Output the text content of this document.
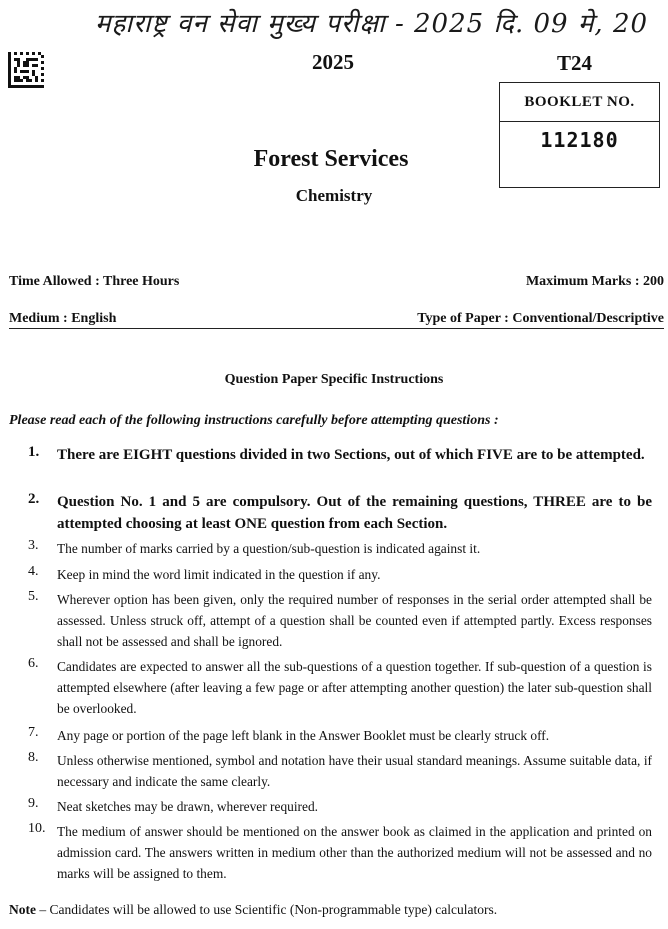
महाराष्ट्र वन सेवा मुख्य परीक्षा - 2025 दि. 09 मे, 20
2025	T24
BOOKLET NO.
112180
Forest Services
Chemistry
Time Allowed : Three Hours	Maximum Marks : 200
Medium : English	Type of Paper : Conventional/Descriptive
Question Paper Specific Instructions
Please read each of the following instructions carefully before attempting questions :
1.	There are EIGHT questions divided in two Sections, out of which FIVE are to be attempted.
2.	Question No. 1 and 5 are compulsory. Out of the remaining questions, THREE are to be attempted choosing at least ONE question from each Section.
3.	The number of marks carried by a question/sub-question is indicated against it.
4.	Keep in mind the word limit indicated in the question if any.
5.	Wherever option has been given, only the required number of responses in the serial order attempted shall be assessed. Unless struck off, attempt of a question shall be counted even if attempted partly. Excess responses shall not be assessed and shall be ignored.
6.	Candidates are expected to answer all the sub-questions of a question together. If sub-question of a question is attempted elsewhere (after leaving a few page or after attempting another question) the later sub-question shall be overlooked.
7.	Any page or portion of the page left blank in the Answer Booklet must be clearly struck off.
8.	Unless otherwise mentioned, symbol and notation have their usual standard meanings. Assume suitable data, if necessary and indicate the same clearly.
9.	Neat sketches may be drawn, wherever required.
10. The medium of answer should be mentioned on the answer book as claimed in the application and printed on admission card. The answers written in medium other than the authorized medium will not be assessed and no marks will be assigned to them.
Note – Candidates will be allowed to use Scientific (Non-programmable type) calculators.
